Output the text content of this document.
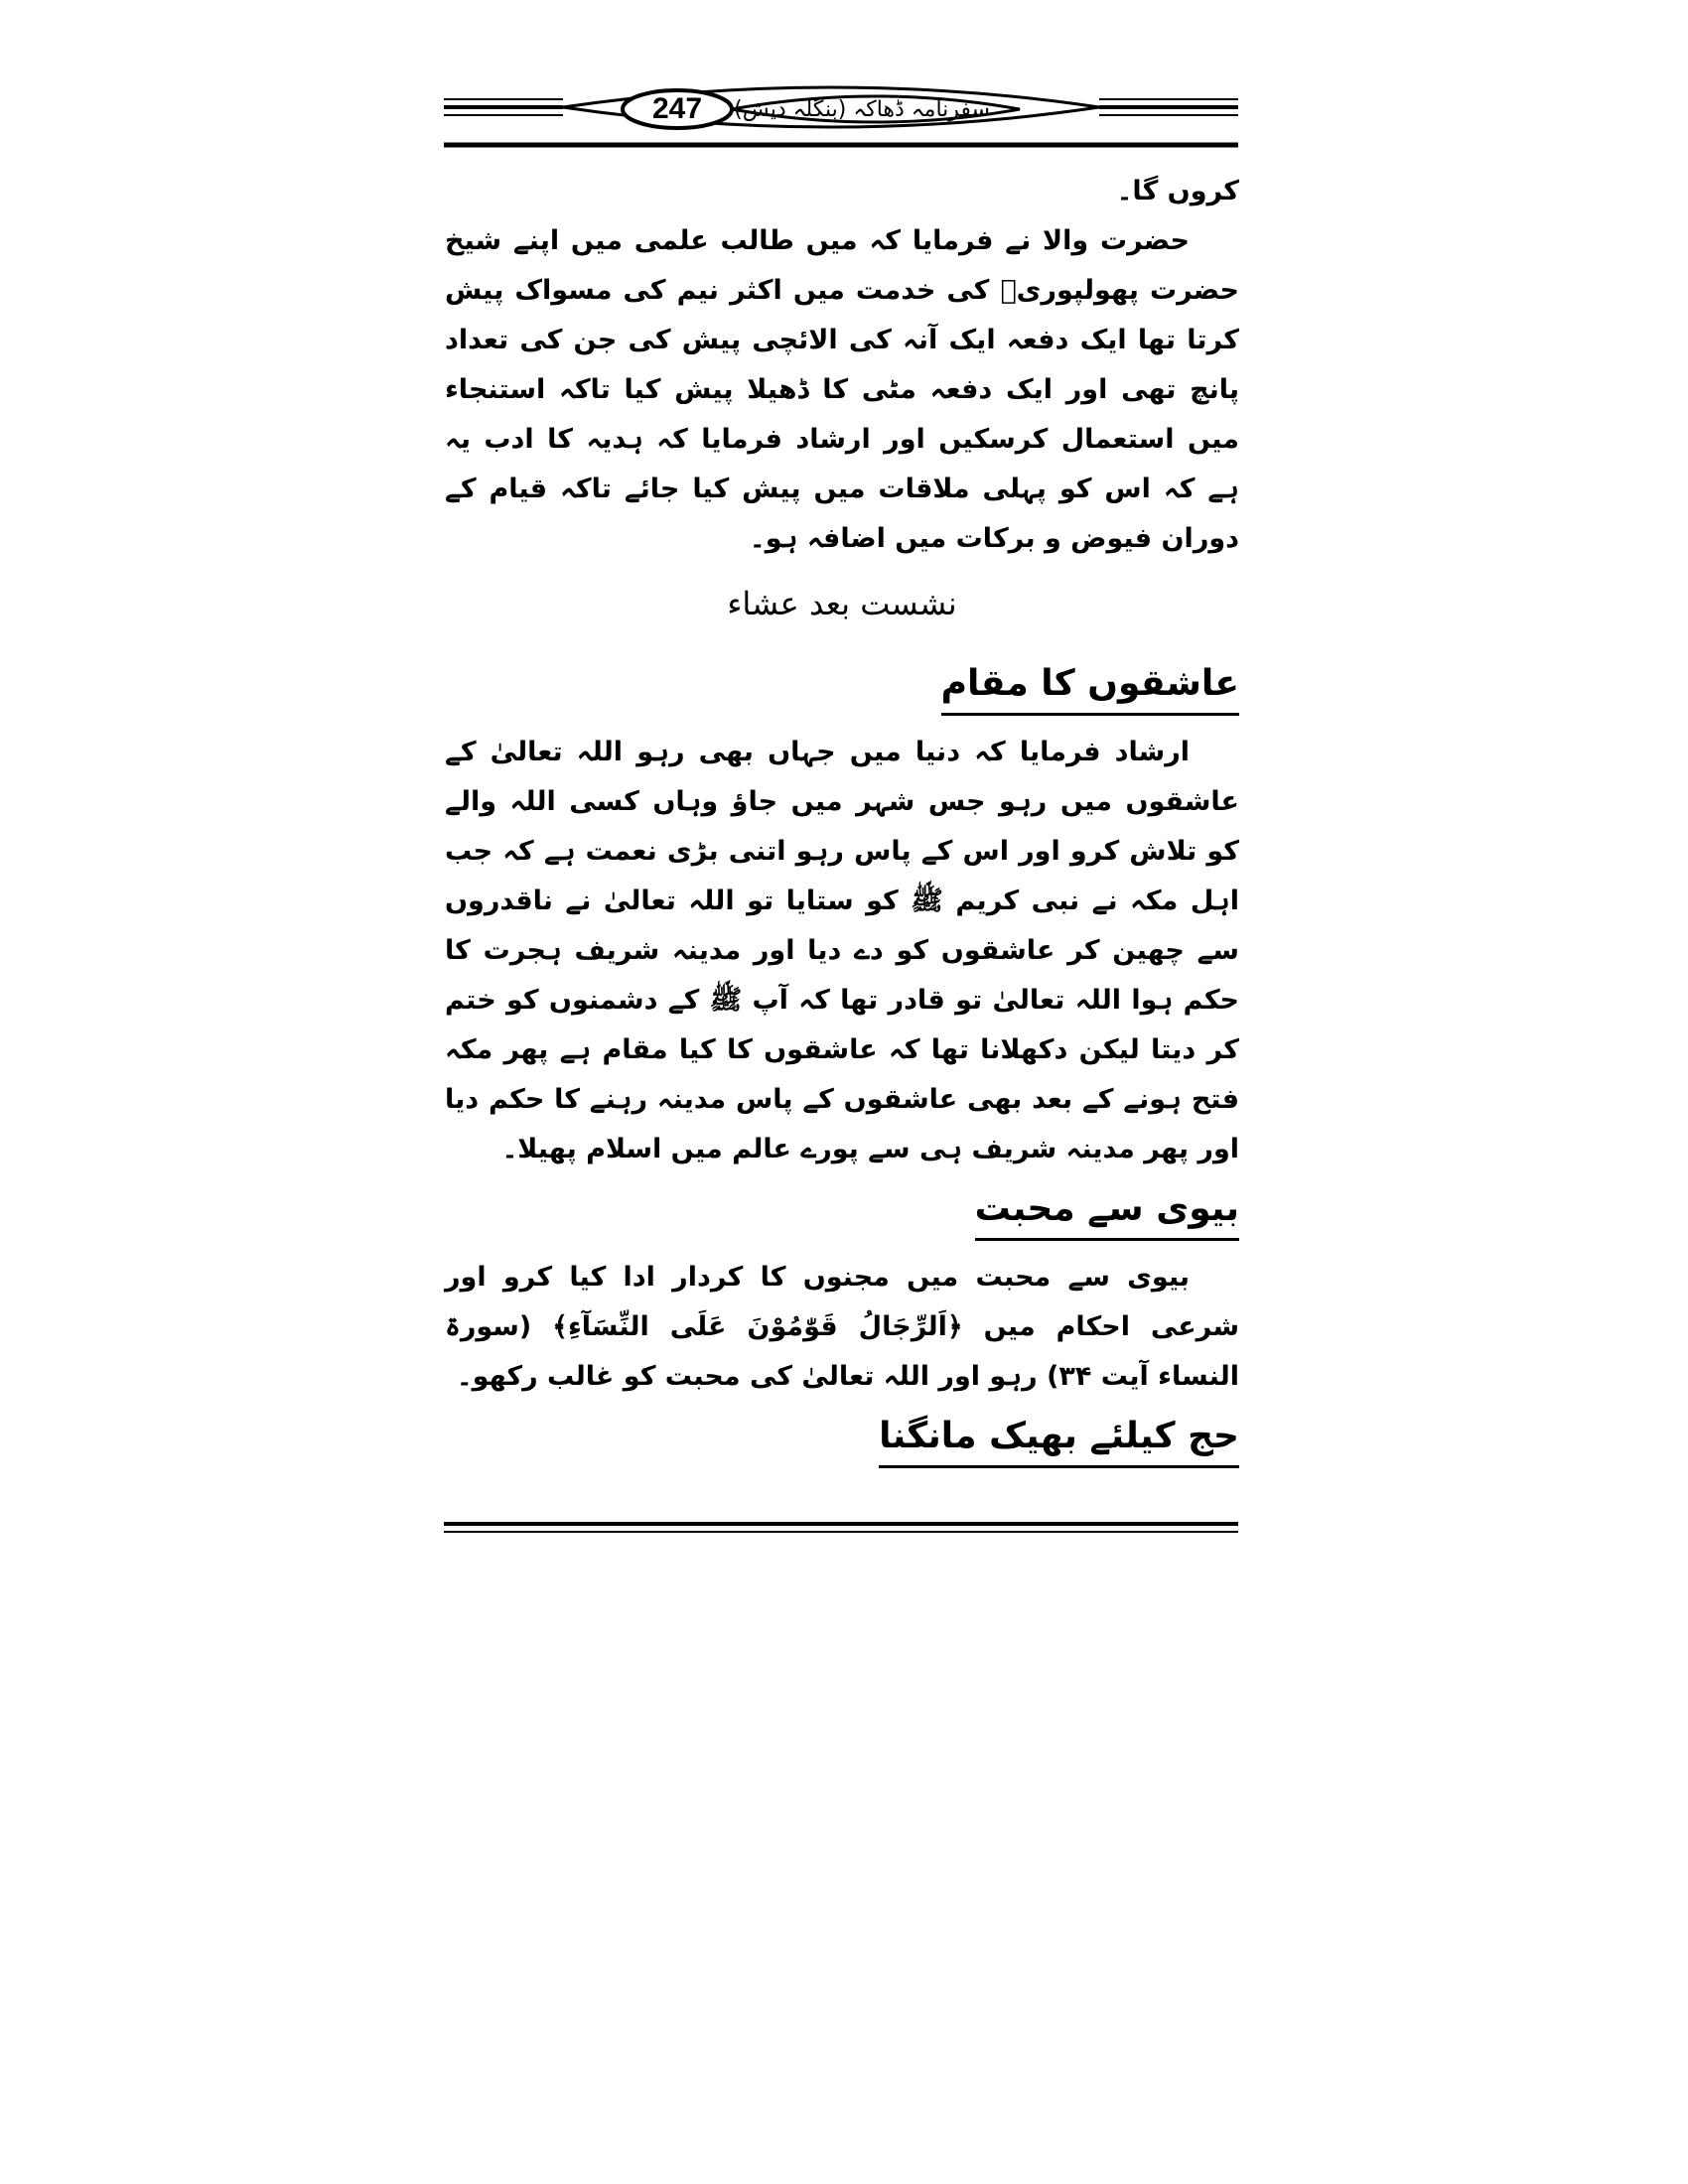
247	سفرنامہ ڈھاکہ (بنگلہ دیش)

کروں گا۔

حضرت والا نے فرمایا کہ میں طالب علمی میں اپنے شیخ حضرت پھولپوریؒ کی خدمت میں اکثر نیم کی مسواک پیش کرتا تھا ایک دفعہ ایک آنہ کی الائچی پیش کی جن کی تعداد پانچ تھی اور ایک دفعہ مٹی کا ڈھیلا پیش کیا تاکہ استنجاء میں استعمال کرسکیں اور ارشاد فرمایا کہ ہدیہ کا ادب یہ ہے کہ اس کو پہلی ملاقات میں پیش کیا جائے تاکہ قیام کے دوران فیوض و برکات میں اضافہ ہو۔

نشست بعد عشاء
عاشقوں کا مقام

ارشاد فرمایا کہ دنیا میں جہاں بھی رہو اللہ تعالیٰ کے عاشقوں میں رہو جس شہر میں جاؤ وہاں کسی اللہ والے کو تلاش کرو اور اس کے پاس رہو اتنی بڑی نعمت ہے کہ جب اہل مکہ نے نبی کریم ﷺ کو ستایا تو اللہ تعالیٰ نے ناقدروں سے چھین کر عاشقوں کو دے دیا اور مدینہ شریف ہجرت کا حکم ہوا اللہ تعالیٰ تو قادر تھا کہ آپ ﷺ کے دشمنوں کو ختم کر دیتا لیکن دکھلانا تھا کہ عاشقوں کا کیا مقام ہے پھر مکہ فتح ہونے کے بعد بھی عاشقوں کے پاس مدینہ رہنے کا حکم دیا اور پھر مدینہ شریف ہی سے پورے عالم میں اسلام پھیلا۔

بیوی سے محبت

بیوی سے محبت میں مجنوں کا کردار ادا کیا کرو اور شرعی احکام میں ﴿اَلرِّجَالُ قَوّٰمُوْنَ عَلَی النِّسَآءِ﴾ (سورۃ النساء آیت ۳۴) رہو اور اللہ تعالیٰ کی محبت کو غالب رکھو۔

حج کیلئے بھیک مانگنا
